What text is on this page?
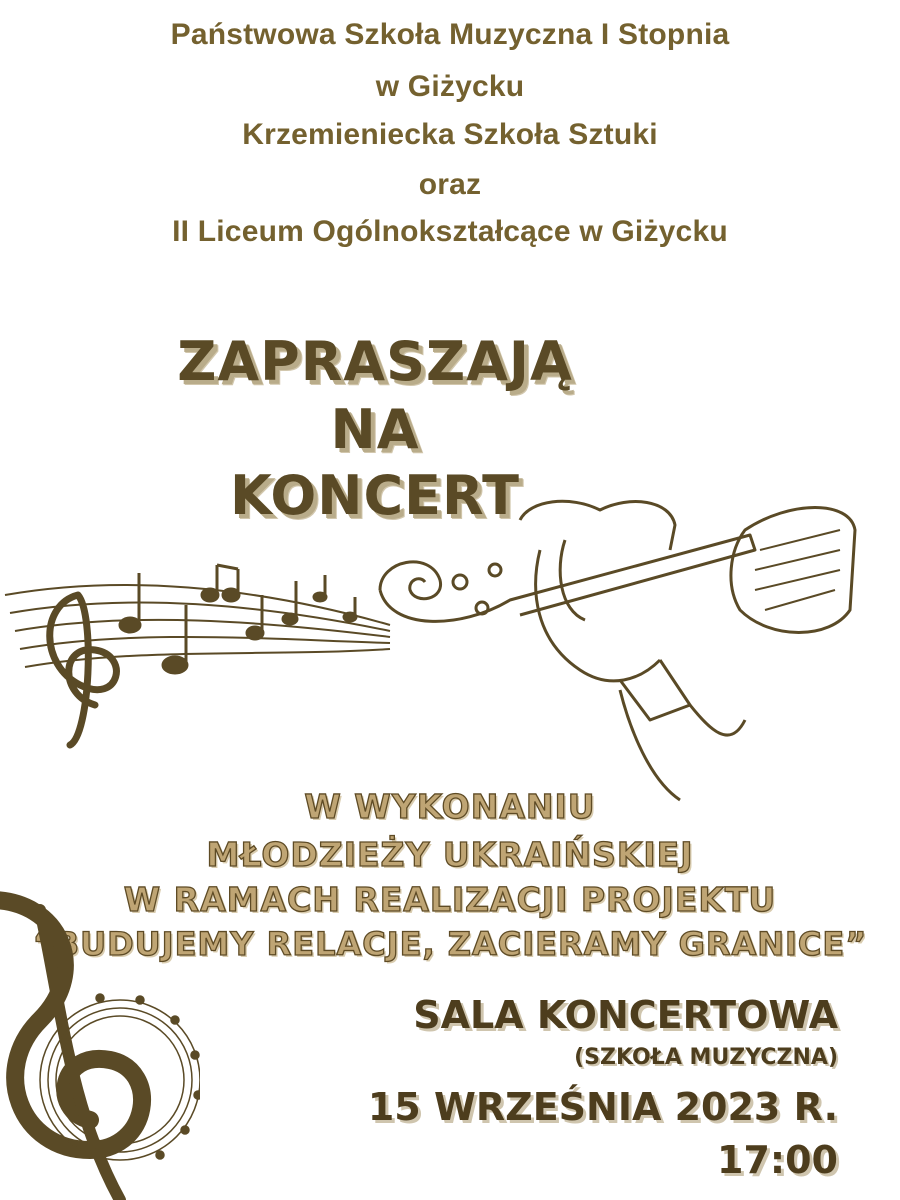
Państwowa Szkoła Muzyczna I Stopnia
w Giżycku
Krzemieniecka Szkoła Sztuki
oraz
II Liceum Ogólnokształcące w Giżycku
ZAPRASZAJĄ
NA
KONCERT
W WYKONANIU
MŁODZIEŻY UKRAIŃSKIEJ
W RAMACH REALIZACJI PROJEKTU
“BUDUJEMY RELACJE, ZACIERAMY GRANICE”
SALA KONCERTOWA
(SZKOŁA MUZYCZNA)
15 WRZEŚNIA 2023 R.
17:00
